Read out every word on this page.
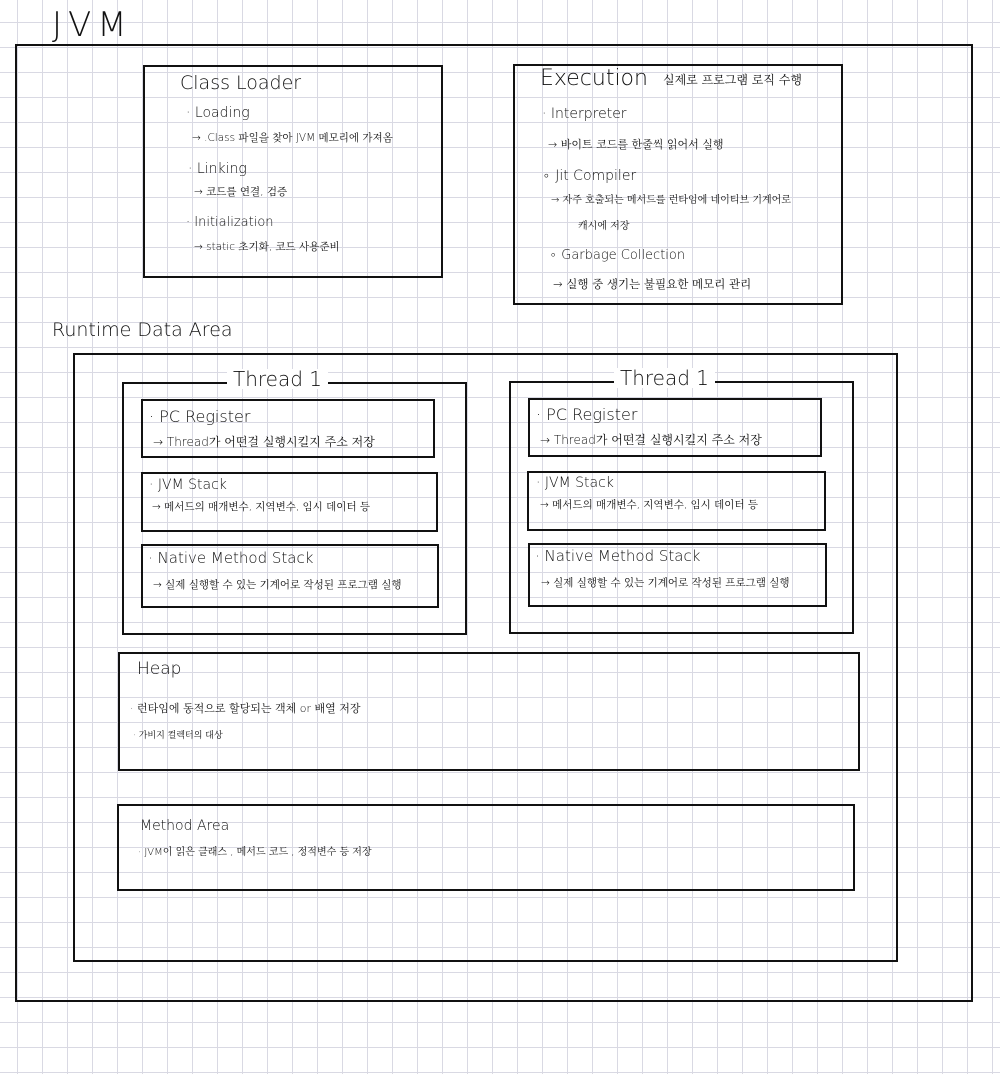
JVM
Class Loader
· Loading
→ .Class 파일을 찾아 JVM 메모리에 가져옴
· Linking
→ 코드를 연결, 검증
· Initialization
→ static 초기화, 코드 사용준비
Execution 실제로 프로그램 로직 수행
· Interpreter
→ 바이트 코드를 한줄씩 읽어서 실행
∘ Jit Compiler
→ 자주 호출되는 메서드를 런타임에 네이티브 기계어로
캐시에 저장
∘ Garbage Collection
→ 실행 중 생기는 불필요한 메모리 관리
Runtime Data Area
Thread 1
· PC Register
→ Thread가 어떤걸 실행시킬지 주소 저장
· JVM Stack
→ 메서드의 매개변수, 지역변수, 임시 데이터 등
· Native Method Stack
→ 실제 실행할 수 있는 기계어로 작성된 프로그램 실행
Thread 1
· PC Register
→ Thread가 어떤걸 실행시킬지 주소 저장
· JVM Stack
→ 메서드의 매개변수, 지역변수, 임시 데이터 등
· Native Method Stack
→ 실제 실행할 수 있는 기계어로 작성된 프로그램 실행
Heap
· 런타임에 동적으로 할당되는 객체 or 배열 저장
· 가비지 컬렉터의 대상
Method Area
· JVM이 읽은 클래스 , 메서드 코드 , 정적변수 등 저장
